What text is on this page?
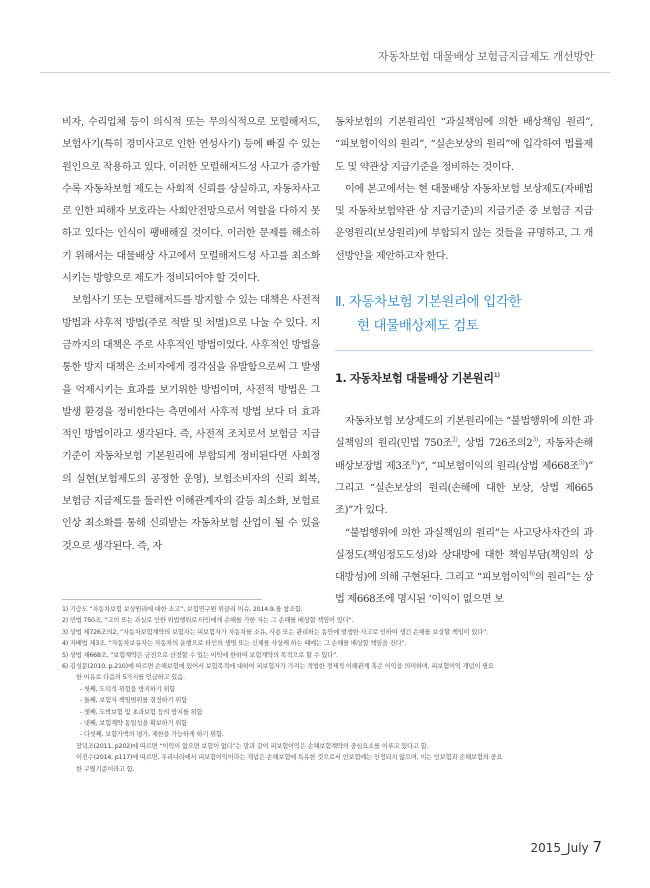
자동차보험 대물배상 보험금지급제도 개선방안

비자, 수리업체 등이 의식적 또는 무의식적으로 모럴해저드, 보험사기(특히 경미사고로 인한 연성사기) 등에 빠질 수 있는 원인으로 작용하고 있다. 이러한 모럴해저드성 사고가 증가할수록 자동차보험 제도는 사회적 신뢰를 상실하고, 자동차사고로 인한 피해자 보호라는 사회안전망으로서 역할을 다하지 못하고 있다는 인식이 팽배해질 것이다. 이러한 문제를 해소하기 위해서는 대물배상 사고에서 모럴해저드성 사고를 최소화 시키는 방향으로 제도가 정비되어야 할 것이다.

보험사기 또는 모럴해저드를 방지할 수 있는 대책은 사전적 방법과 사후적 방법(주로 적발 및 처벌)으로 나눌 수 있다. 지금까지의 대책은 주로 사후적인 방법이었다. 사후적인 방법을 통한 방지 대책은 소비자에게 경각심을 유발함으로써 그 발생을 억제시키는 효과를 보기위한 방법이며, 사전적 방법은 그 발생 환경을 정비한다는 측면에서 사후적 방법 보다 더 효과적인 방법이라고 생각된다. 즉, 사전적 조치로서 보험금 지급기준이 자동차보험 기본원리에 부합되게 정비된다면 사회정의 실현(보험제도의 공정한 운영), 보험소비자의 신뢰 회복, 보험금 지급제도를 둘러싼 이해관계자의 갈등 최소화, 보험료 인상 최소화를 통해 신뢰받는 자동차보험 산업이 될 수 있을 것으로 생각된다. 즉, 자

동차보험의 기본원리인 “과실책임에 의한 배상책임 원리”, “피보험이익의 원리”, “실손보상의 원리”에 입각하여 법률제도 및 약관상 지급기준을 정비하는 것이다.

이에 본고에서는 현 대물배상 자동차보험 보상제도(자배법 및 자동차보험약관 상 지급기준)의 지급기준 중 보험금 지급운영원리(보상원리)에 부합되지 않는 것들을 규명하고, 그 개선방안을 제안하고자 한다.

Ⅱ. 자동차보험 기본원리에 입각한
현 대물배상제도 검토
1. 자동차보험 대물배상 기본원리$^{1)}$

자동차보험 보상제도의 기본원리에는 “불법행위에 의한 과실책임의 원리(민법 750조$^{2)}$, 상법 726조의2$^{3)}$, 자동차손해배상보장법 제3조$^{4)}$)”, “피보험이익의 원리(상법 제668조$^{5)}$)” 그리고 “실손보상의 원리(손해에 대한 보상, 상법 제665조)”가 있다.

“불법행위에 의한 과실책임의 원리”는 사고당사자간의 과실정도(책임정도도성)와 상대방에 대한 책임부담(책임의 상대방성)에 의해 구현된다. 그리고 “피보험이익$^{6)}$의 원리”는 상법 제668조에 명시된 ‘이익이 없으면 보

1) 기승도 “자동차보험 보상원리에 대한 소고”, 보험연구원 위클리 이슈, 2014.9.를 참조함.
2) 민법 750조, “고의 또는 과실로 인한 위법행위로 타인에게 손해를 가한 자는 그 손해를 배상할 책임이 있다”.
3) 상법 제726조의2, “자동차보험계약의 보험자는 피보험자가 자동차를 소유, 사용 또는 관리하는 동안에 발생한 사고로 인하여 생긴 손해를 보상할 책임이 있다”.
4) 자배법 제3조, “자동차보유자는 자동차의 운행으로 타인의 생명 또는 신체를 사상케 하는 때에는 그 손해를 배상할 책임을 진다”.
5) 상법 제668조, “보험계약은 금전으로 산정할 수 있는 이익에 한하여 보험계약의 목적으로 할 수 있다”.
6) 김성문(2010, p.210)에 따르면 손해보험에 있어서 보험목적에 대하여 피보험자가 가지는 적법한 경제적 이해관계 혹은 이익을 의미하며, 피보험이익 개념이 필요
한 이유로 다음의 5가지를 언급하고 있음.
- 첫째, 도덕적 위험을 방지하기 위함
- 둘째, 보험자 책임범위를 결정하기 위함
- 셋째, 도박보험 및 초과보험 등의 방지를 위함
- 넷째, 보험계약 동일성을 확보하기 위함
- 다섯째, 보험가액의 평가, 제한을 가능하게 하기 위함.
장덕조(2011, p202)에 따르면 “이익이 없으면 보험이 없다”는 말과 같이 피보험이익은 손해보험계약의 중심요소를 이루고 있다고 함.
이진수(2014, p117)에 따르면, 우리나라에서 피보험이익이라는 개념은 손해보험에 특유한 것으로서 인보험에는 인정되지 않으며, 이는 인보험과 손해보험의 중요
한 구별기준이라고 함.
2015_July 7
